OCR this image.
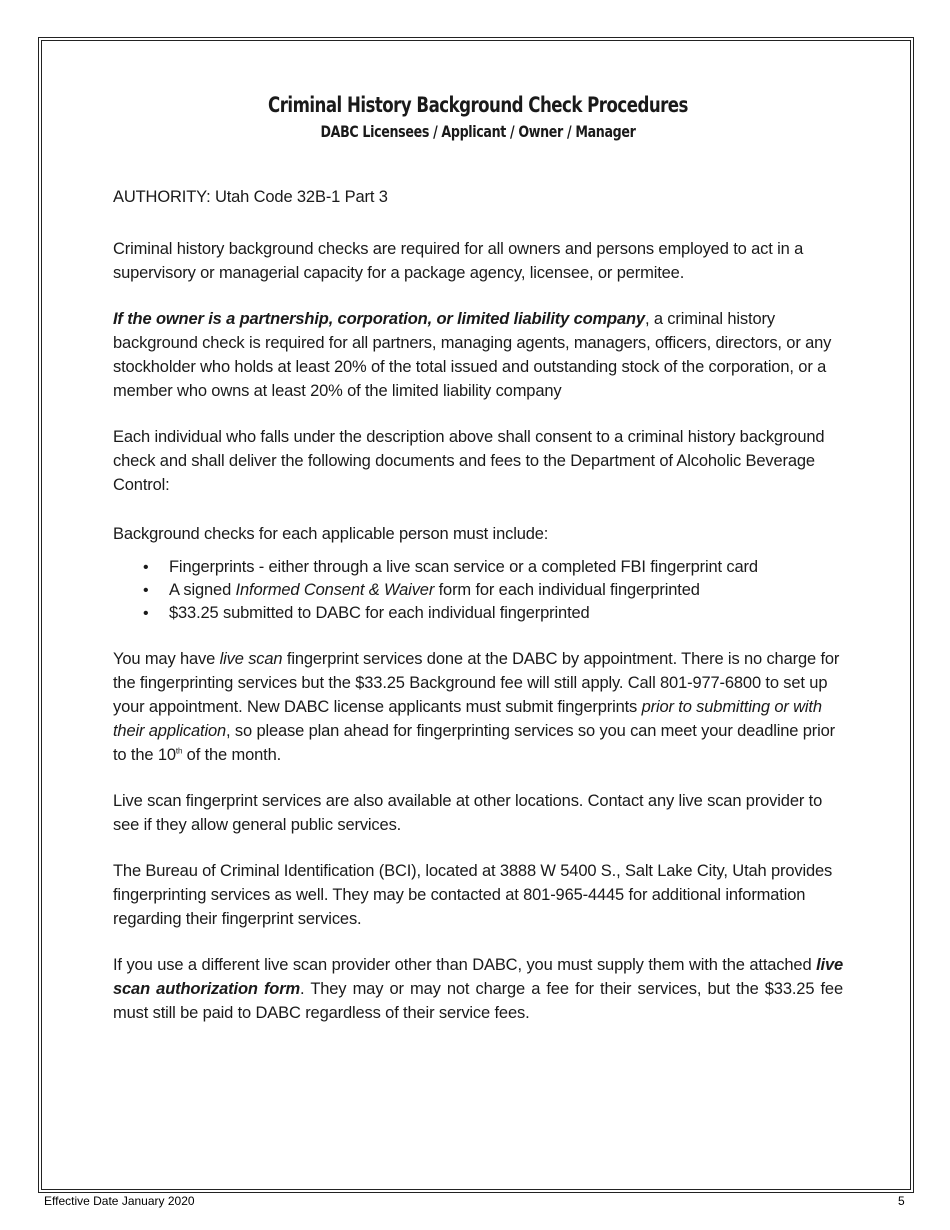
Criminal History Background Check Procedures
DABC Licensees / Applicant / Owner / Manager

AUTHORITY: Utah Code 32B-1 Part 3

Criminal history background checks are required for all owners and persons employed to act in a supervisory or managerial capacity for a package agency, licensee, or permitee.

If the owner is a partnership, corporation, or limited liability company, a criminal history background check is required for all partners, managing agents, managers, officers, directors, or any stockholder who holds at least 20% of the total issued and outstanding stock of the corporation, or a member who owns at least 20% of the limited liability company

Each individual who falls under the description above shall consent to a criminal history background check and shall deliver the following documents and fees to the Department of Alcoholic Beverage Control:

Background checks for each applicable person must include:

• Fingerprints - either through a live scan service or a completed FBI fingerprint card
• A signed Informed Consent & Waiver form for each individual fingerprinted
• $33.25 submitted to DABC for each individual fingerprinted

You may have live scan fingerprint services done at the DABC by appointment. There is no charge for the fingerprinting services but the $33.25 Background fee will still apply. Call 801-977-6800 to set up your appointment. New DABC license applicants must submit fingerprints prior to submitting or with their application, so please plan ahead for fingerprinting services so you can meet your deadline prior to the 10th of the month.

Live scan fingerprint services are also available at other locations. Contact any live scan provider to see if they allow general public services.

The Bureau of Criminal Identification (BCI), located at 3888 W 5400 S., Salt Lake City, Utah provides fingerprinting services as well. They may be contacted at 801-965-4445 for additional information regarding their fingerprint services.

If you use a different live scan provider other than DABC, you must supply them with the attached live scan authorization form. They may or may not charge a fee for their services, but the $33.25 fee must still be paid to DABC regardless of their service fees.

Effective Date January 2020	5
